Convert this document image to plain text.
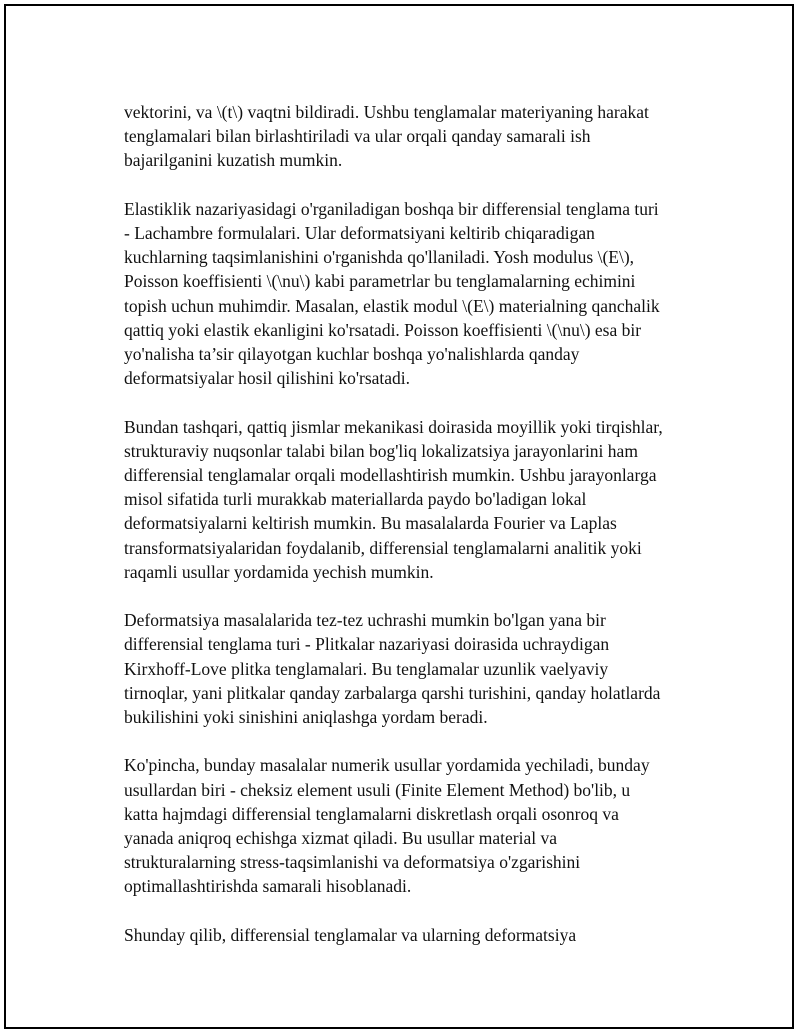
vektorini, va \(t\) vaqtni bildiradi. Ushbu tenglamalar materiyaning harakat
tenglamalari bilan birlashtiriladi va ular orqali qanday samarali ish
bajarilganini kuzatish mumkin.

Elastiklik nazariyasidagi o'rganiladigan boshqa bir differensial tenglama turi
- Lachambre formulalari. Ular deformatsiyani keltirib chiqaradigan
kuchlarning taqsimlanishini o'rganishda qo'llaniladi. Yosh modulus \(E\),
Poisson koeffisienti \(\nu\) kabi parametrlar bu tenglamalarning echimini
topish uchun muhimdir. Masalan, elastik modul \(E\) materialning qanchalik
qattiq yoki elastik ekanligini ko'rsatadi. Poisson koeffisienti \(\nu\) esa bir
yo'nalisha ta’sir qilayotgan kuchlar boshqa yo'nalishlarda qanday
deformatsiyalar hosil qilishini ko'rsatadi.

Bundan tashqari, qattiq jismlar mekanikasi doirasida moyillik yoki tirqishlar,
strukturaviy nuqsonlar talabi bilan bog'liq lokalizatsiya jarayonlarini ham
differensial tenglamalar orqali modellashtirish mumkin. Ushbu jarayonlarga
misol sifatida turli murakkab materiallarda paydo bo'ladigan lokal
deformatsiyalarni keltirish mumkin. Bu masalalarda Fourier va Laplas
transformatsiyalaridan foydalanib, differensial tenglamalarni analitik yoki
raqamli usullar yordamida yechish mumkin.

Deformatsiya masalalarida tez-tez uchrashi mumkin bo'lgan yana bir
differensial tenglama turi - Plitkalar nazariyasi doirasida uchraydigan
Kirxhoff-Love plitka tenglamalari. Bu tenglamalar uzunlik vaelyaviy
tirnoqlar, yani plitkalar qanday zarbalarga qarshi turishini, qanday holatlarda
bukilishini yoki sinishini aniqlashga yordam beradi.

Ko'pincha, bunday masalalar numerik usullar yordamida yechiladi, bunday
usullardan biri - cheksiz element usuli (Finite Element Method) bo'lib, u
katta hajmdagi differensial tenglamalarni diskretlash orqali osonroq va
yanada aniqroq echishga xizmat qiladi. Bu usullar material va
strukturalarning stress-taqsimlanishi va deformatsiya o'zgarishini
optimallashtirishda samarali hisoblanadi.

Shunday qilib, differensial tenglamalar va ularning deformatsiya
